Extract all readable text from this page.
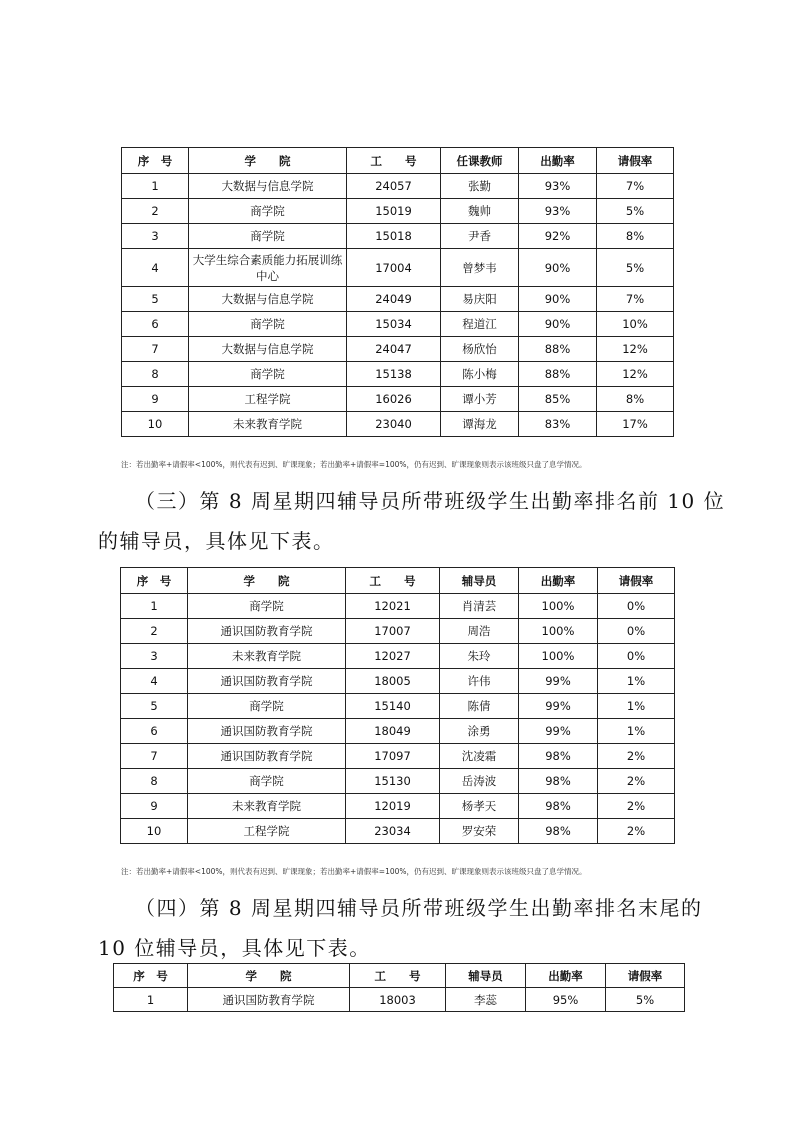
序　号	学　　院	工　　号	任课教师	出勤率	请假率
1	大数据与信息学院	24057	张勤	93%	7%
2	商学院	15019	魏帅	93%	5%
3	商学院	15018	尹香	92%	8%
4	大学生综合素质能力拓展训练中心	17004	曾梦韦	90%	5%
5	大数据与信息学院	24049	易庆阳	90%	7%
6	商学院	15034	程道江	90%	10%
7	大数据与信息学院	24047	杨欣怡	88%	12%
8	商学院	15138	陈小梅	88%	12%
9	工程学院	16026	谭小芳	85%	8%
10	未来教育学院	23040	谭海龙	83%	17%
注：若出勤率+请假率<100%，则代表有迟到、旷课现象；若出勤率+请假率=100%，仍有迟到、旷课现象则表示该班级只盘了息学情况。
（三）第 8 周星期四辅导员所带班级学生出勤率排名前 10 位
的辅导员，具体见下表。
序　号	学　　院	工　　号	辅导员	出勤率	请假率
1	商学院	12021	肖清芸	100%	0%
2	通识国防教育学院	17007	周浩	100%	0%
3	未来教育学院	12027	朱玲	100%	0%
4	通识国防教育学院	18005	许伟	99%	1%
5	商学院	15140	陈倩	99%	1%
6	通识国防教育学院	18049	涂勇	99%	1%
7	通识国防教育学院	17097	沈凌霜	98%	2%
8	商学院	15130	岳涛波	98%	2%
9	未来教育学院	12019	杨孝天	98%	2%
10	工程学院	23034	罗安荣	98%	2%
注：若出勤率+请假率<100%，则代表有迟到、旷课现象；若出勤率+请假率=100%，仍有迟到、旷课现象则表示该班级只盘了息学情况。
（四）第 8 周星期四辅导员所带班级学生出勤率排名末尾的
10 位辅导员，具体见下表。
序　号	学　　院	工　　号	辅导员	出勤率	请假率
1	通识国防教育学院	18003	李蕊	95%	5%
